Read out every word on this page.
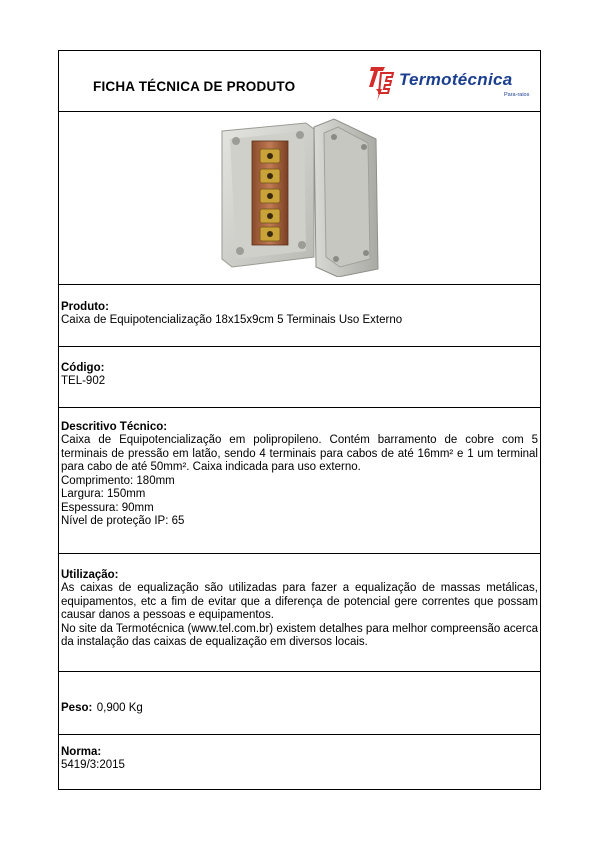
FICHA TÉCNICA DE PRODUTO	Termotécnica
Para-raios
Produto:
Caixa de Equipotencialização 18x15x9cm 5 Terminais Uso Externo
Código:
TEL-902
Descritivo Técnico:
Caixa de Equipotencialização em polipropileno. Contém barramento de cobre com 5 terminais de pressão em latão, sendo 4 terminais para cabos de até 16mm² e 1 um terminal para cabo de até 50mm². Caixa indicada para uso externo.
Comprimento: 180mm
Largura: 150mm
Espessura: 90mm
Nível de proteção IP: 65
Utilização:
As caixas de equalização são utilizadas para fazer a equalização de massas metálicas, equipamentos, etc a fim de evitar que a diferença de potencial gere correntes que possam causar danos a pessoas e equipamentos.
No site da Termotécnica (www.tel.com.br) existem detalhes para melhor compreensão acerca da instalação das caixas de equalização em diversos locais.
Peso: 0,900 Kg
Norma:
5419/3:2015
